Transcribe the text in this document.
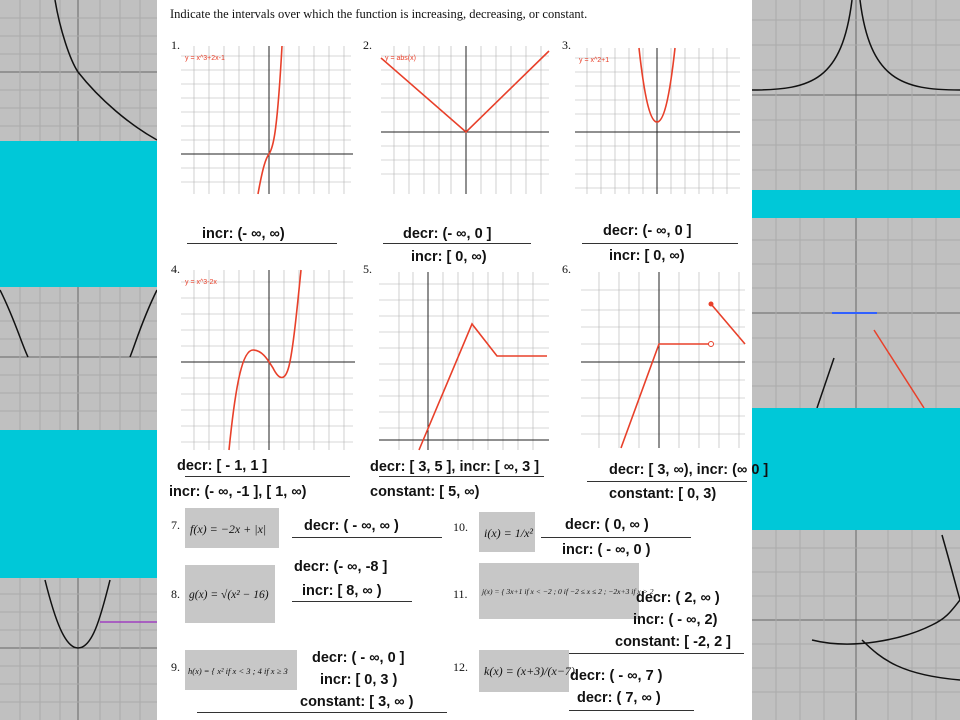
Indicate the intervals over which the function is increasing, decreasing, or constant.
1.	2.	3.
4.	5.	6.
7.
8.
9.
10.
11.
12.
y = x^3+2x-1	y = abs(x)	y = x^2+1
y = x^3-2x
f(x) = −2x + |x|
g(x) = √(x² − 16)
h(x) = { x² if x < 3 ; 4 if x ≥ 3
i(x) = 1/x²
j(x) = { 3x+1 if x < −2 ; 0 if −2 ≤ x ≤ 2 ; −2x+3 if x > 2
k(x) = (x+3)/(x−7)
incr: (- ∞, ∞)	decr: (- ∞, 0 ]
incr: [ 0, ∞)
decr: (- ∞, 0 ]
incr: [ 0, ∞)
decr: [ - 1, 1 ]
incr: (- ∞, -1 ], [ 1, ∞)
decr: [ 3, 5 ], incr: [ ∞, 3 ]
constant: [ 5, ∞)
decr: [ 3, ∞), incr: (∞ 0 ]
constant: [ 0, 3)
decr: ( - ∞, ∞ )
decr: (- ∞, -8 ]
incr: [ 8, ∞ )
decr: ( - ∞, 0 ]
incr: [ 0, 3 )
constant: [ 3, ∞ )
decr: ( 0, ∞ )
incr: ( - ∞, 0 )
decr: ( 2, ∞ )
incr: ( - ∞, 2)
constant: [ -2, 2 ]
decr: ( - ∞, 7 )
decr: ( 7, ∞ )
